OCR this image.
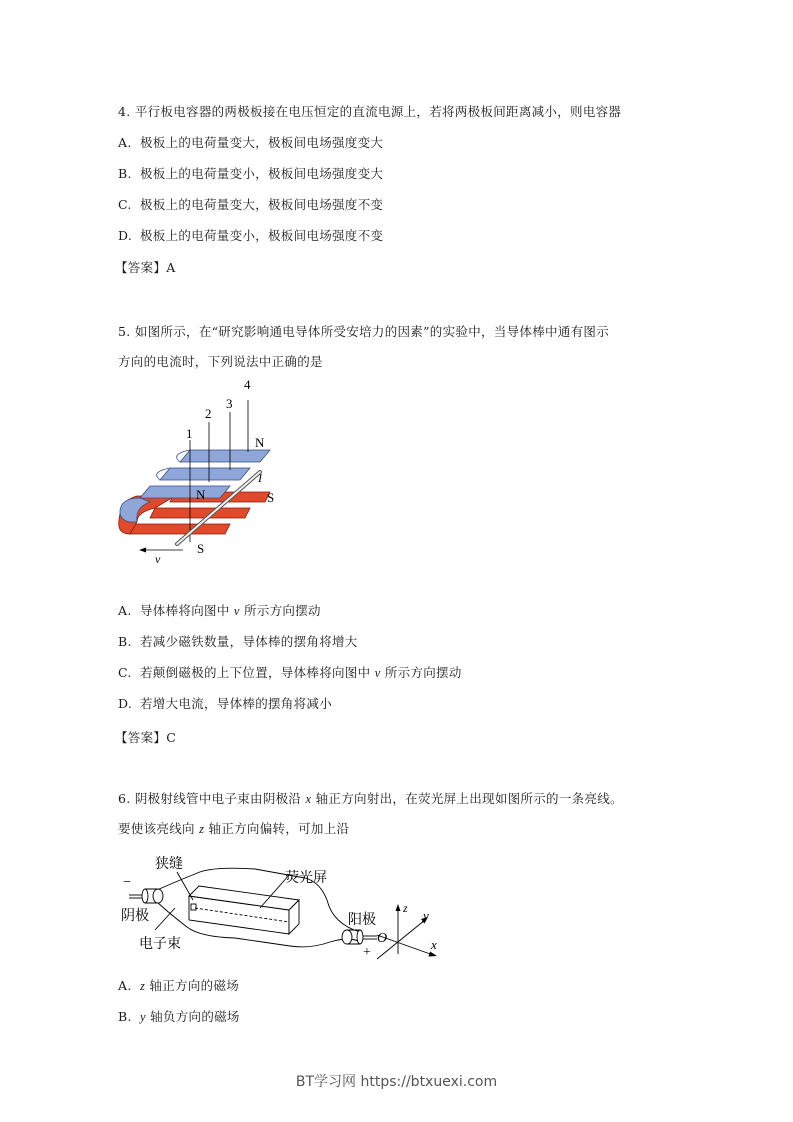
4. 平行板电容器的两极板接在电压恒定的直流电源上，若将两极板间距离减小，则电容器
A. 极板上的电荷量变大，极板间电场强度变大
B. 极板上的电荷量变小，极板间电场强度变大
C. 极板上的电荷量变大，极板间电场强度不变
D. 极板上的电荷量变小，极板间电场强度不变
【答案】A
5. 如图所示，在“研究影响通电导体所受安培力的因素”的实验中，当导体棒中通有图示
方向的电流时，下列说法中正确的是
1
2
3
4
N
N	S
S
I
v
A. 导体棒将向图中 v 所示方向摆动
B. 若减少磁铁数量，导体棒的摆角将增大
C. 若颠倒磁极的上下位置，导体棒将向图中 v 所示方向摆动
D. 若增大电流，导体棒的摆角将减小
【答案】C
6. 阴极射线管中电子束由阴极沿 x 轴正方向射出，在荧光屏上出现如图所示的一条亮线。
要使该亮线向 z 轴正方向偏转，可加上沿
狭缝
荧光屏
阴极	阳极
电子束
−
+
O
z y
x
A. z 轴正方向的磁场
B. y 轴负方向的磁场
BT学习网 https://btxuexi.com
